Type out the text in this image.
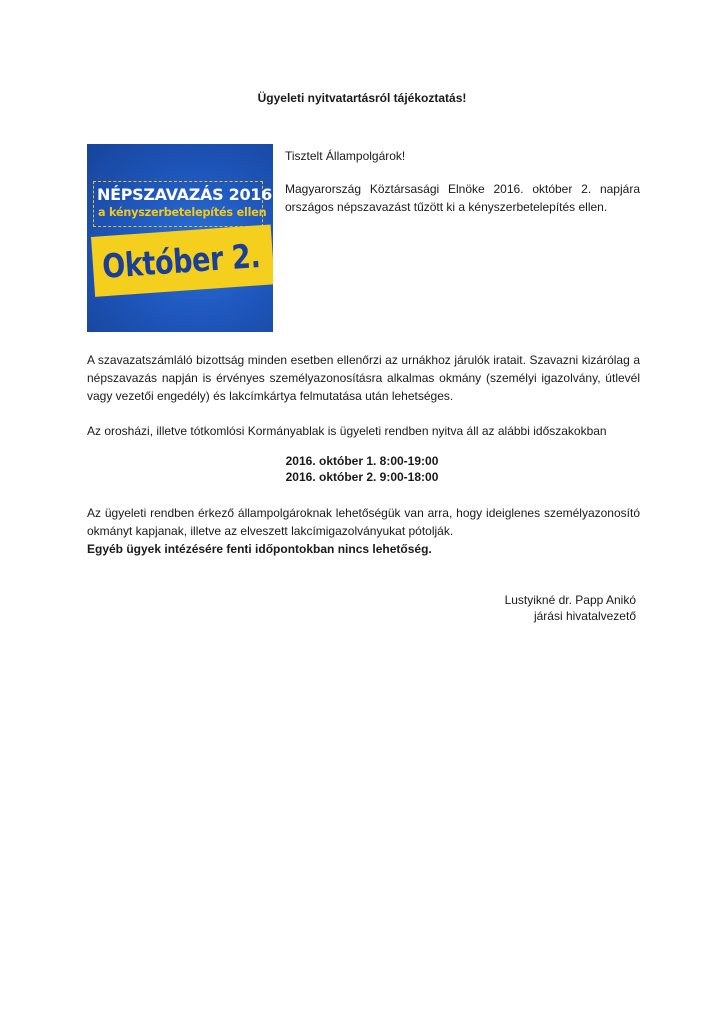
Ügyeleti nyitvatartásról tájékoztatás!
NÉPSZAVAZÁS 2016
a kényszerbetelepítés ellen
Október 2.
Tisztelt Állampolgárok!
Magyarország Köztársasági Elnöke 2016. október 2. napjára országos népszavazást tűzött ki a kényszerbetelepítés ellen.
A szavazatszámláló bizottság minden esetben ellenőrzi az urnákhoz járulók iratait. Szavazni kizárólag a népszavazás napján is érvényes személyazonosításra alkalmas okmány (személyi igazolvány, útlevél vagy vezetői engedély) és lakcímkártya felmutatása után lehetséges.
Az orosházi, illetve tótkomlósi Kormányablak is ügyeleti rendben nyitva áll az alábbi időszakokban
2016. október 1. 8:00-19:00
2016. október 2. 9:00-18:00
Az ügyeleti rendben érkező állampolgároknak lehetőségük van arra, hogy ideiglenes személyazonosító okmányt kapjanak, illetve az elveszett lakcímigazolványukat pótolják.
Egyéb ügyek intézésére fenti időpontokban nincs lehetőség.
Lustyikné dr. Papp Anikó
járási hivatalvezető
